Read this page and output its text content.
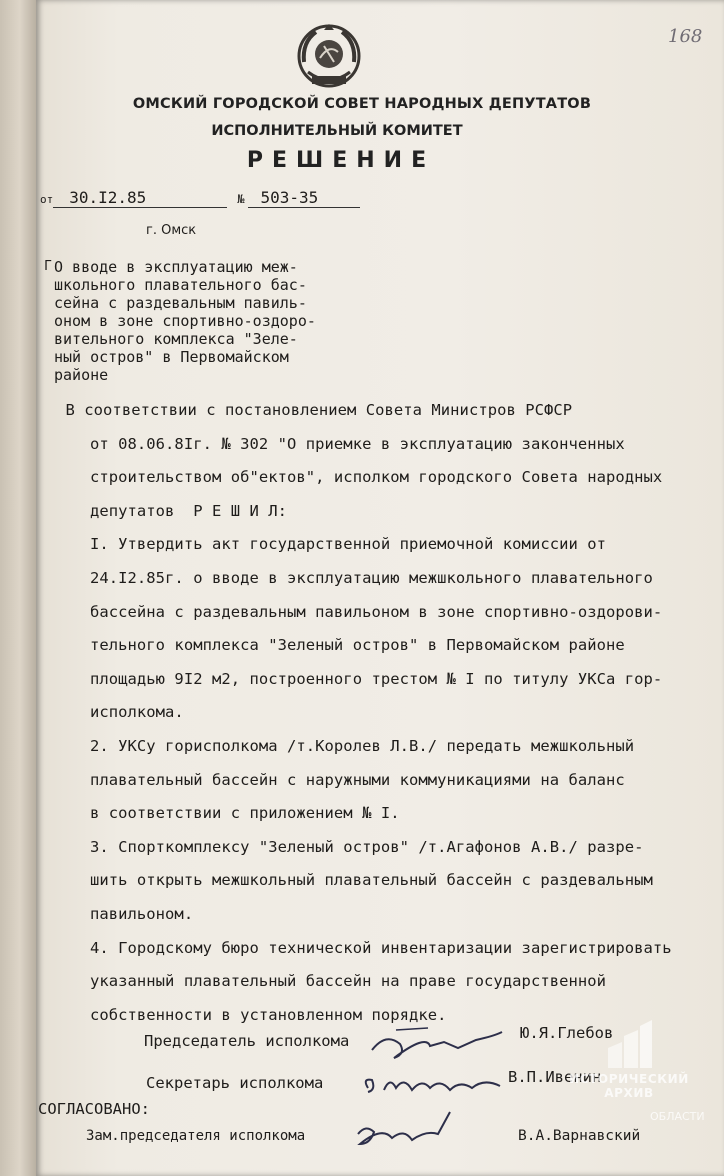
168
ОМСКИЙ ГОРОДСКОЙ СОВЕТ НАРОДНЫХ ДЕПУТАТОВ
ИСПОЛНИТЕЛЬНЫЙ КОМИТЕТ
РЕШЕНИЕ
от 30.I2.85	№ 503-35
г. Омск
Г О вводе в эксплуатацию меж-
школьного плавательного бас-
сейна с раздевальным павиль-
оном в зоне спортивно-оздоро-
вительного комплекса "Зеле-
ный остров" в Первомайском
районе
В соответствии с постановлением Совета Министров РСФСР
от 08.06.8Iг. № 302 "О приемке в эксплуатацию законченных
строительством об"ектов", исполком городского Совета народных
депутатов  Р Е Ш И Л:
I. Утвердить акт государственной приемочной комиссии от
24.I2.85г. о вводе в эксплуатацию межшкольного плавательного
бассейна с раздевальным павильоном в зоне спортивно-оздорови-
тельного комплекса "Зеленый остров" в Первомайском районе
площадью 9I2 м2, построенного трестом № I по титулу УКСа гор-
исполкома.
2. УКСу горисполкома /т.Королев Л.В./ передать межшкольный
плавательный бассейн с наружными коммуникациями на баланс
в соответствии с приложением № I.
3. Спорткомплексу "Зеленый остров" /т.Агафонов А.В./ разре-
шить открыть межшкольный плавательный бассейн с раздевальным
павильоном.
4. Городскому бюро технической инвентаризации зарегистрировать
указанный плавательный бассейн на праве государственной
собственности в установленном порядке.
Председатель исполкома	Ю.Я.Глебов
Секретарь исполкома	В.П.Ивенин
СОГЛАСОВАНО:
Зам.председателя исполкома	В.А.Варнавский
ИСТОРИЧЕСКИЙ
АРХИВ
ОБЛАСТИ
